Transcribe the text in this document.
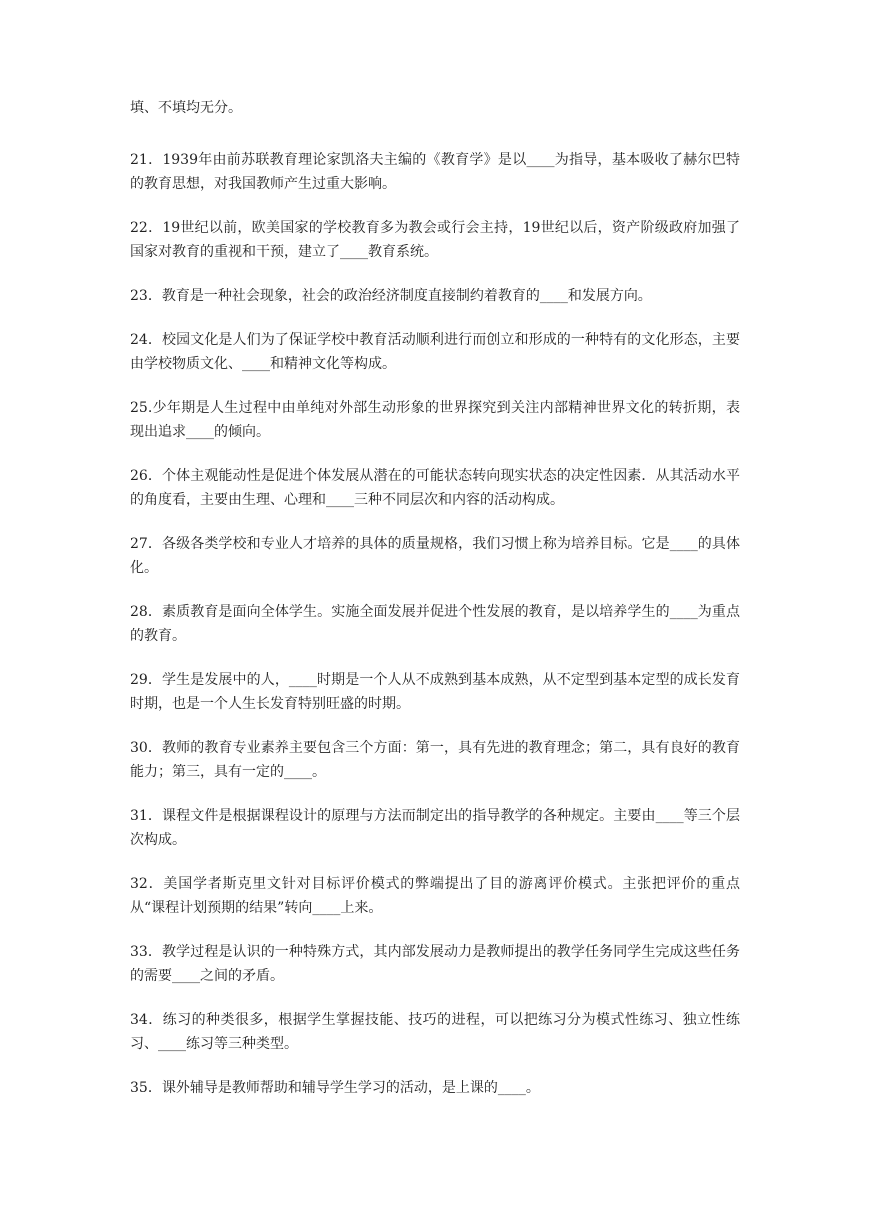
填、不填均无分。

21．1939年由前苏联教育理论家凯洛夫主编的《教育学》是以____为指导，基本吸收了赫尔巴特的教育思想，对我国教师产生过重大影响。
22．19世纪以前，欧美国家的学校教育多为教会或行会主持，19世纪以后，资产阶级政府加强了国家对教育的重视和干预，建立了____教育系统。
23．教育是一种社会现象，社会的政治经济制度直接制约着教育的____和发展方向。
24．校园文化是人们为了保证学校中教育活动顺利进行而创立和形成的一种特有的文化形态，主要由学校物质文化、____和精神文化等构成。
25.少年期是人生过程中由单纯对外部生动形象的世界探究到关注内部精神世界文化的转折期，表现出追求____的倾向。
26．个体主观能动性是促进个体发展从潜在的可能状态转向现实状态的决定性因素．从其活动水平的角度看，主要由生理、心理和____三种不同层次和内容的活动构成。
27．各级各类学校和专业人才培养的具体的质量规格，我们习惯上称为培养目标。它是____的具体化。
28．素质教育是面向全体学生。实施全面发展并促进个性发展的教育，是以培养学生的____为重点的教育。
29．学生是发展中的人，____时期是一个人从不成熟到基本成熟，从不定型到基本定型的成长发育时期，也是一个人生长发育特别旺盛的时期。
30．教师的教育专业素养主要包含三个方面：第一，具有先进的教育理念；第二，具有良好的教育能力；第三，具有一定的____。
31．课程文件是根据课程设计的原理与方法而制定出的指导教学的各种规定。主要由____等三个层次构成。
32．美国学者斯克里文针对目标评价模式的弊端提出了目的游离评价模式。主张把评价的重点从“课程计划预期的结果”转向____上来。
33．教学过程是认识的一种特殊方式，其内部发展动力是教师提出的教学任务同学生完成这些任务的需要____之间的矛盾。
34．练习的种类很多，根据学生掌握技能、技巧的进程，可以把练习分为模式性练习、独立性练习、____练习等三种类型。
35．课外辅导是教师帮助和辅导学生学习的活动，是上课的____。
